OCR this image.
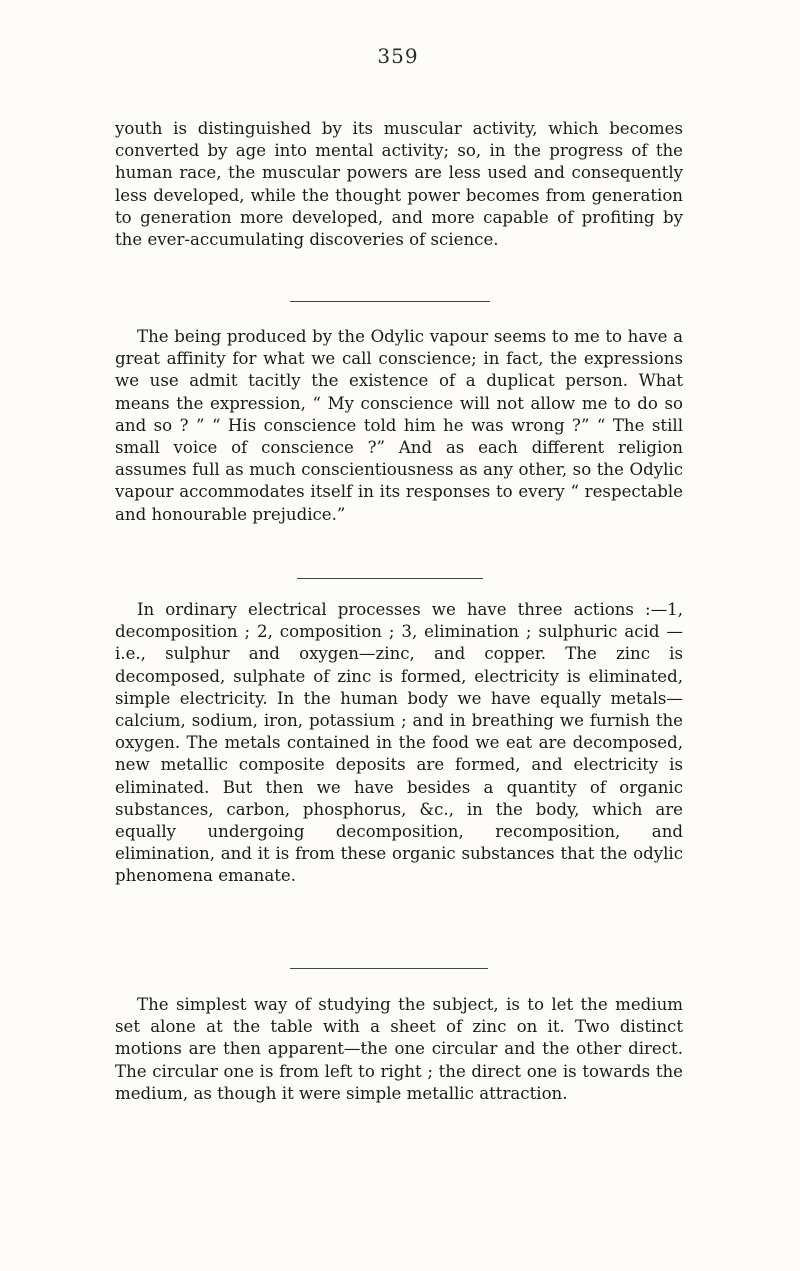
359

youth is distinguished by its muscular activity, which becomes converted by age into mental activity; so, in the progress of the human race, the muscular powers are less used and consequently less developed, while the thought power becomes from generation to generation more developed, and more capable of profiting by the ever-accumulating discoveries of science.

The being produced by the Odylic vapour seems to me to have a great affinity for what we call conscience; in fact, the expressions we use admit tacitly the existence of a duplicat person. What means the expression, “ My conscience will not allow me to do so and so ? ” “ His conscience told him he was wrong ?” “ The still small voice of conscience ?” And as each different religion assumes full as much conscientiousness as any other, so the Odylic vapour accommodates itself in its responses to every “ respectable and honourable prejudice.”

In ordinary electrical processes we have three actions :—1, decomposition ; 2, composition ; 3, elimination ; sulphuric acid —i.e., sulphur and oxygen—zinc, and copper. The zinc is decomposed, sulphate of zinc is formed, electricity is eliminated, simple electricity. In the human body we have equally metals—calcium, sodium, iron, potassium ; and in breathing we furnish the oxygen. The metals contained in the food we eat are decomposed, new metallic composite deposits are formed, and electricity is eliminated. But then we have besides a quantity of organic substances, carbon, phosphorus, &c., in the body, which are equally undergoing decomposition, recomposition, and elimination, and it is from these organic substances that the odylic phenomena emanate.

The simplest way of studying the subject, is to let the medium set alone at the table with a sheet of zinc on it. Two distinct motions are then apparent—the one circular and the other direct. The circular one is from left to right ; the direct one is towards the medium, as though it were simple metallic attraction.
